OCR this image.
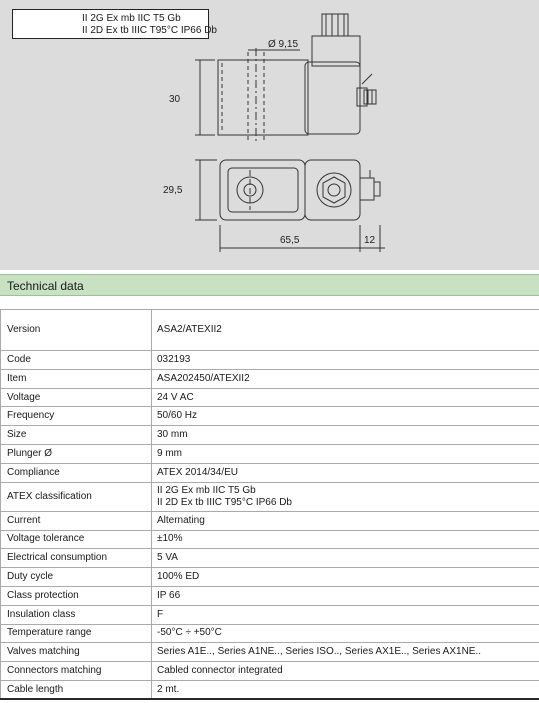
II 2G Ex mb IIC T5 Gb
II 2D Ex tb IIIC T95°C IP66 Db
Ø 9,15
30
29,5
65,5	12
Technical data
Version	ASA2/ATEXII2
Code	032193
Item	ASA202450/ATEXII2
Voltage	24 V AC
Frequency	50/60 Hz
Size	30 mm
Plunger Ø	9 mm
Compliance	ATEX 2014/34/EU
ATEX classification	II 2G Ex mb IIC T5 Gb
II 2D Ex tb IIIC T95°C IP66 Db

Current	Alternating
Voltage tolerance	±10%
Electrical consumption	5 VA
Duty cycle	100% ED
Class protection	IP 66
Insulation class	F
Temperature range	-50°C ÷ +50°C
Valves matching	Series A1E.., Series A1NE.., Series ISO.., Series AX1E.., Series AX1NE..
Connectors matching	Cabled connector integrated
Cable length	2 mt.
